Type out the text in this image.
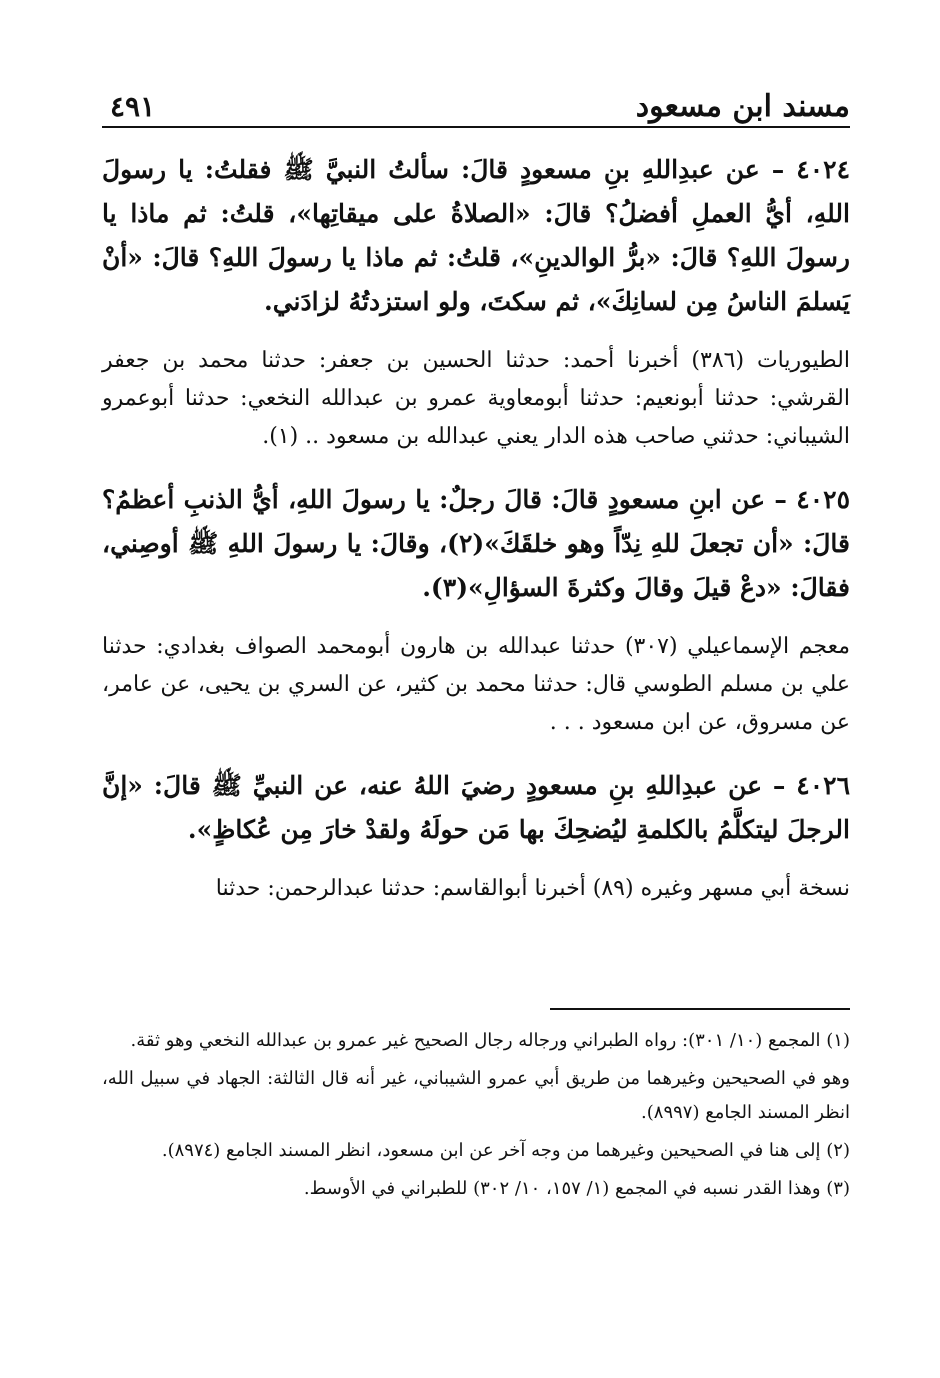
مسند ابن مسعود
٤٩١

٤٠٢٤ – عن عبدِاللهِ بنِ مسعودٍ قالَ: سألتُ النبيَّ ﷺ فقلتُ: يا رسولَ اللهِ، أيُّ العملِ أفضلُ؟ قالَ: «الصلاةُ على ميقاتِها»، قلتُ: ثم ماذا يا رسولَ اللهِ؟ قالَ: «برُّ الوالدينِ»، قلتُ: ثم ماذا يا رسولَ اللهِ؟ قالَ: «أنْ يَسلمَ الناسُ مِن لسانِكَ»، ثم سكتَ، ولو استزدتُهُ لزادَني.

الطيوريات (٣٨٦) أخبرنا أحمد: حدثنا الحسين بن جعفر: حدثنا محمد بن جعفر القرشي: حدثنا أبونعيم: حدثنا أبومعاوية عمرو بن عبدالله النخعي: حدثنا أبوعمرو الشيباني: حدثني صاحب هذه الدار يعني عبدالله بن مسعود .. (١).

٤٠٢٥ – عن ابنِ مسعودٍ قالَ: قالَ رجلٌ: يا رسولَ اللهِ، أيُّ الذنبِ أعظمُ؟ قالَ: «أن تجعلَ للهِ نِدّاً وهو خلقَكَ»(٢)، وقالَ: يا رسولَ اللهِ ﷺ أوصِني، فقالَ: «دعْ قيلَ وقالَ وكثرةَ السؤالِ»(٣).

معجم الإسماعيلي (٣٠٧) حدثنا عبدالله بن هارون أبومحمد الصواف بغدادي: حدثنا علي بن مسلم الطوسي قال: حدثنا محمد بن كثير، عن السري بن يحيى، عن عامر، عن مسروق، عن ابن مسعود . . .

٤٠٢٦ – عن عبدِاللهِ بنِ مسعودٍ رضيَ اللهُ عنه، عن النبيِّ ﷺ قالَ: «إنَّ الرجلَ ليتكلَّمُ بالكلمةِ ليُضحِكَ بها مَن حولَهُ ولقدْ خارَ مِن عُكاظٍ».

نسخة أبي مسهر وغيره (٨٩) أخبرنا أبوالقاسم: حدثنا عبدالرحمن: حدثنا

(١) المجمع (١٠/ ٣٠١): رواه الطبراني ورجاله رجال الصحيح غير عمرو بن عبدالله النخعي وهو ثقة.

وهو في الصحيحين وغيرهما من طريق أبي عمرو الشيباني، غير أنه قال الثالثة: الجهاد في سبيل الله، انظر المسند الجامع (٨٩٩٧).

(٢) إلى هنا في الصحيحين وغيرهما من وجه آخر عن ابن مسعود، انظر المسند الجامع (٨٩٧٤).

(٣) وهذا القدر نسبه في المجمع (١/ ١٥٧، ١٠/ ٣٠٢) للطبراني في الأوسط.
